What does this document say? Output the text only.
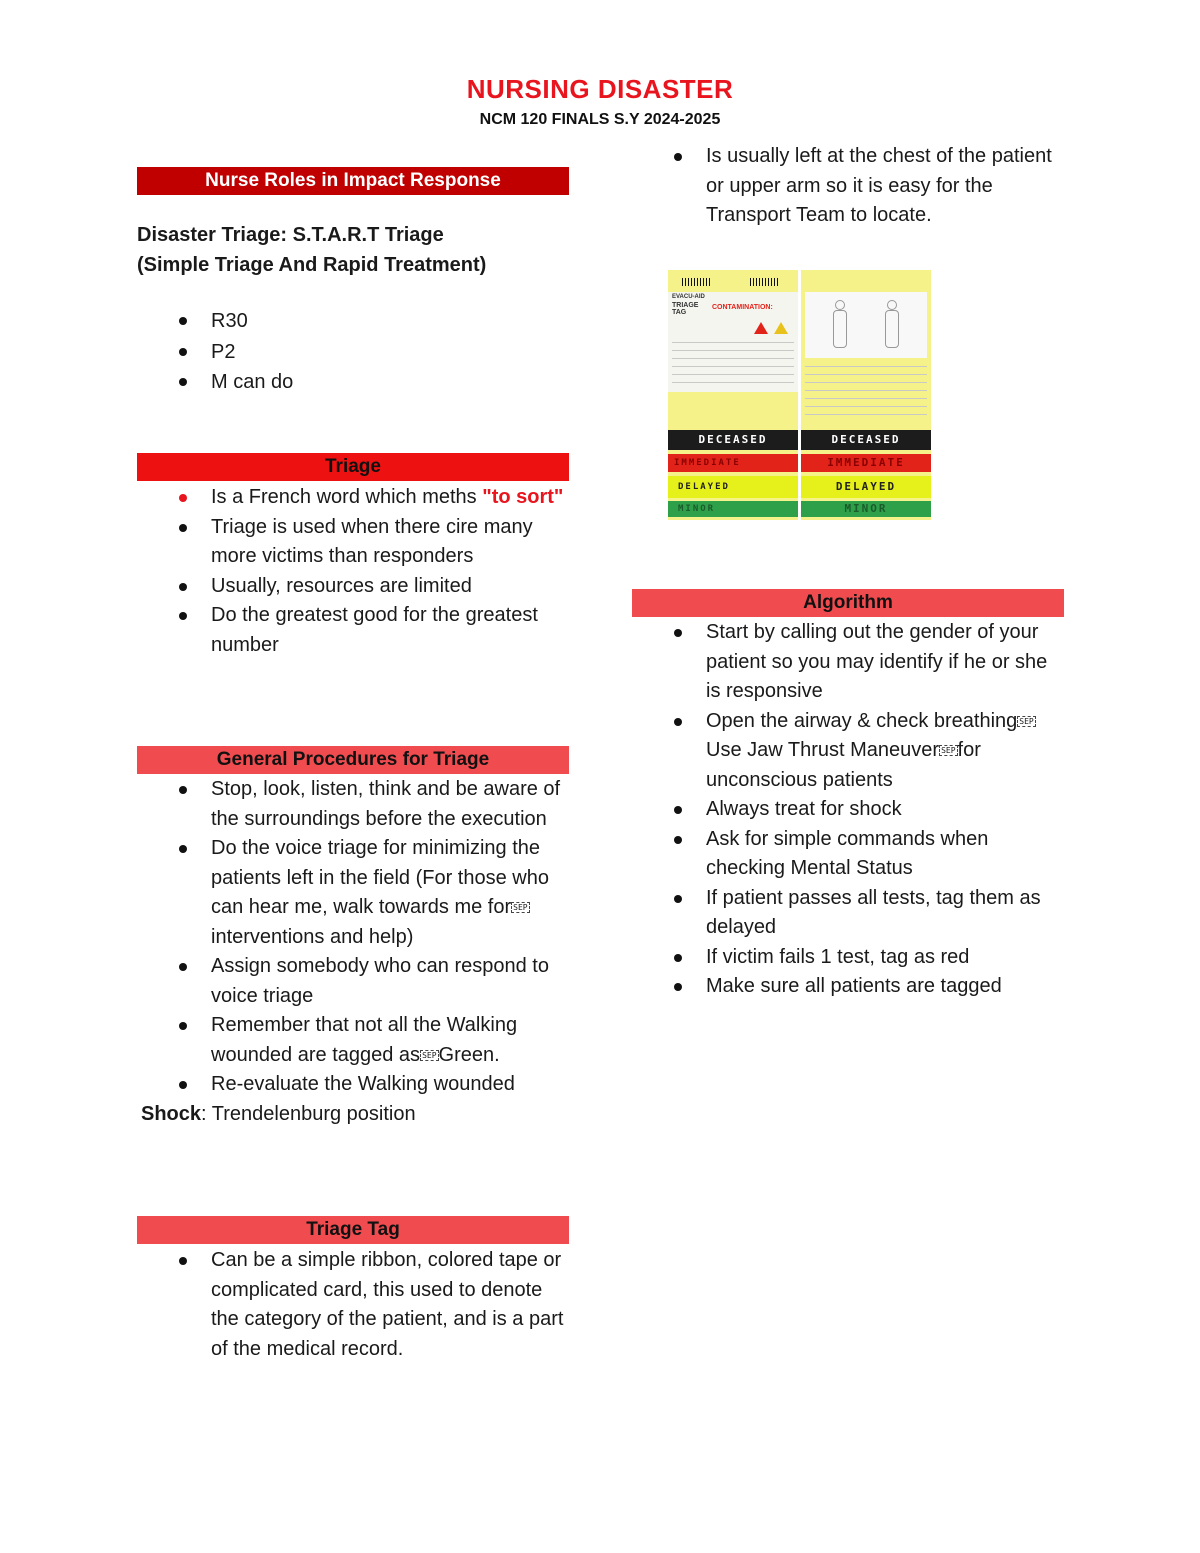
NURSING DISASTER
NCM 120 FINALS S.Y 2024-2025
Nurse Roles in Impact Response
Disaster Triage: S.T.A.R.T Triage
(Simple Triage And Rapid Treatment)
R30
P2
M can do
Triage
Is a French word which meths "to sort"
Triage is used when there cire many more victims than responders
Usually, resources are limited
Do the greatest good for the greatest number
General Procedures for Triage
Stop, look, listen, think and be aware of the surroundings before the execution
Do the voice triage for minimizing the patients left in the field (For those who can hear me, walk towards me for SEPinterventions and help)
Assign somebody who can respond to voice triage
Remember that not all the Walking wounded are tagged as SEP Green.
Re-evaluate the Walking wounded
Shock: Trendelenburg position
Triage Tag
Can be a simple ribbon, colored tape or complicated card, this used to denote the category of the patient, and is a part of the medical record.
Is usually left at the chest of the patient or upper arm so it is easy for the Transport Team to locate.
EVACU-AID
TRIAGE TAG
CONTAMINATION:
DECEASED
IMMEDIATE
DELAYED
MINOR
DECEASED
IMMEDIATE
DELAYED
MINOR
Algorithm
Start by calling out the gender of your patient so you may identify if he or she is responsive
Open the airway & check breathing SEPUse Jaw Thrust Maneuver SEP for unconscious patients
Always treat for shock
Ask for simple commands when checking Mental Status
If patient passes all tests, tag them as delayed
If victim fails 1 test, tag as red
Make sure all patients are tagged
